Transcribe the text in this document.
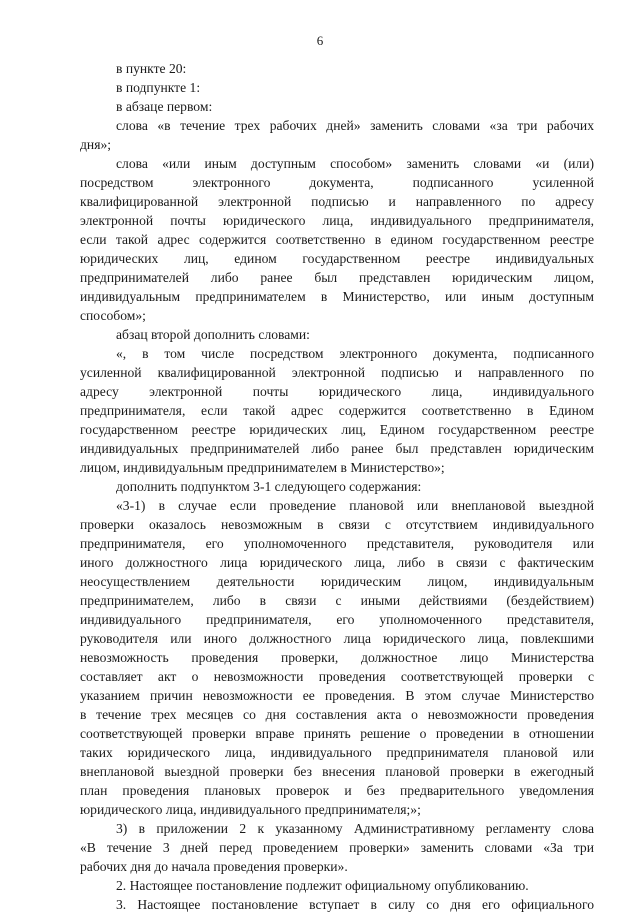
6
в пункте 20:
в подпункте 1:
в абзаце первом:
слова «в течение трех рабочих дней» заменить словами «за три рабочих
дня»;
слова «или иным доступным способом» заменить словами «и (или)
посредством электронного документа, подписанного усиленной
квалифицированной электронной подписью и направленного по адресу
электронной почты юридического лица, индивидуального предпринимателя,
если такой адрес содержится соответственно в едином государственном реестре
юридических лиц, едином государственном реестре индивидуальных
предпринимателей либо ранее был представлен юридическим лицом,
индивидуальным предпринимателем в Министерство, или иным доступным
способом»;
абзац второй дополнить словами:
«, в том числе посредством электронного документа, подписанного
усиленной квалифицированной электронной подписью и направленного по
адресу электронной почты юридического лица, индивидуального
предпринимателя, если такой адрес содержится соответственно в Едином
государственном реестре юридических лиц, Едином государственном реестре
индивидуальных предпринимателей либо ранее был представлен юридическим
лицом, индивидуальным предпринимателем в Министерство»;
дополнить подпунктом 3-1 следующего содержания:
«3-1) в случае если проведение плановой или внеплановой выездной
проверки оказалось невозможным в связи с отсутствием индивидуального
предпринимателя, его уполномоченного представителя, руководителя или
иного должностного лица юридического лица, либо в связи с фактическим
неосуществлением деятельности юридическим лицом, индивидуальным
предпринимателем, либо в связи с иными действиями (бездействием)
индивидуального предпринимателя, его уполномоченного представителя,
руководителя или иного должностного лица юридического лица, повлекшими
невозможность проведения проверки, должностное лицо Министерства
составляет акт о невозможности проведения соответствующей проверки с
указанием причин невозможности ее проведения. В этом случае Министерство
в течение трех месяцев со дня составления акта о невозможности проведения
соответствующей проверки вправе принять решение о проведении в отношении
таких юридического лица, индивидуального предпринимателя плановой или
внеплановой выездной проверки без внесения плановой проверки в ежегодный
план проведения плановых проверок и без предварительного уведомления
юридического лица, индивидуального предпринимателя;»;
3) в приложении 2 к указанному Административному регламенту слова
«В течение 3 дней перед проведением проверки» заменить словами «За три
рабочих дня до начала проведения проверки».
2. Настоящее постановление подлежит официальному опубликованию.
3. Настоящее постановление вступает в силу со дня его официального
